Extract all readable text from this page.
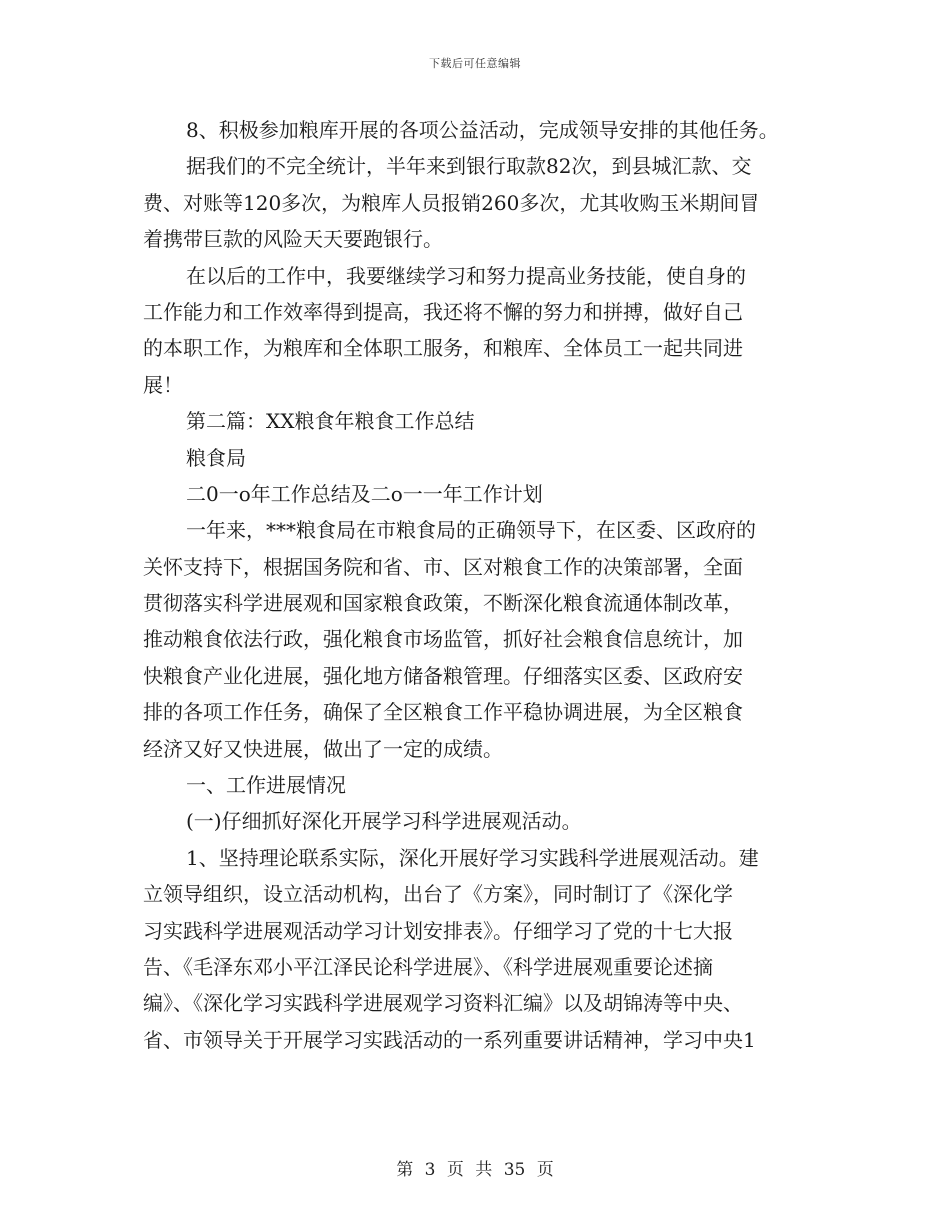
下载后可任意编辑
8、积极参加粮库开展的各项公益活动，完成领导安排的其他任务。
据我们的不完全统计，半年来到银行取款82次，到县城汇款、交
费、对账等120多次，为粮库人员报销260多次，尤其收购玉米期间冒
着携带巨款的风险天天要跑银行。
在以后的工作中，我要继续学习和努力提高业务技能，使自身的
工作能力和工作效率得到提高，我还将不懈的努力和拼搏，做好自己
的本职工作，为粮库和全体职工服务，和粮库、全体员工一起共同进
展！
第二篇：XX粮食年粮食工作总结
粮食局
二0一o年工作总结及二o一一年工作计划
一年来，***粮食局在市粮食局的正确领导下，在区委、区政府的
关怀支持下，根据国务院和省、市、区对粮食工作的决策部署，全面
贯彻落实科学进展观和国家粮食政策，不断深化粮食流通体制改革，
推动粮食依法行政，强化粮食市场监管，抓好社会粮食信息统计，加
快粮食产业化进展，强化地方储备粮管理。仔细落实区委、区政府安
排的各项工作任务，确保了全区粮食工作平稳协调进展，为全区粮食
经济又好又快进展，做出了一定的成绩。
一、工作进展情况
(一)仔细抓好深化开展学习科学进展观活动。
1、坚持理论联系实际，深化开展好学习实践科学进展观活动。建
立领导组织，设立活动机构，出台了《方案》，同时制订了《深化学
习实践科学进展观活动学习计划安排表》。仔细学习了党的十七大报
告、《毛泽东邓小平江泽民论科学进展》、《科学进展观重要论述摘
编》、《深化学习实践科学进展观学习资料汇编》以及胡锦涛等中央、
省、市领导关于开展学习实践活动的一系列重要讲话精神，学习中央1
第 3 页 共 35 页
